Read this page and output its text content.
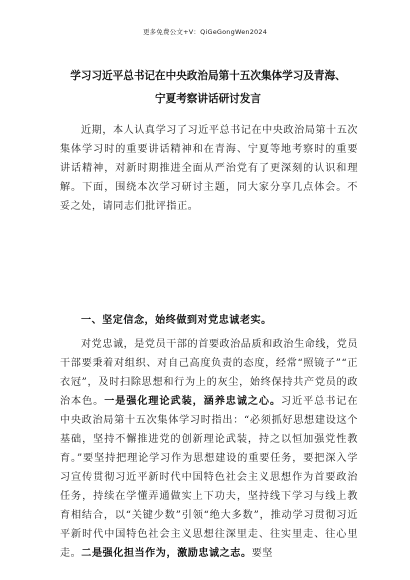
更多免费公文+V：QiGeGongWen2024
学习习近平总书记在中央政治局第十五次集体学习及青海、
宁夏考察讲话研讨发言
近期，本人认真学习了习近平总书记在中央政治局第十五次集体学习时的重要讲话精神和在青海、宁夏等地考察时的重要讲话精神，对新时期推进全面从严治党有了更深刻的认识和理解。下面，围绕本次学习研讨主题，同大家分享几点体会。不妥之处，请同志们批评指正。
一、坚定信念，始终做到对党忠诚老实。
对党忠诚，是党员干部的首要政治品质和政治生命线，党员干部要秉着对组织、对自己高度负责的态度，经常“照镜子”“正衣冠”，及时扫除思想和行为上的灰尘，始终保持共产党员的政治本色。一是强化理论武装，涵养忠诚之心。习近平总书记在中央政治局第十五次集体学习时指出：“必须抓好思想建设这个基础，坚持不懈推进党的创新理论武装，持之以恒加强党性教育。”要坚持把理论学习作为思想建设的重要任务，要把深入学习宣传贯彻习近平新时代中国特色社会主义思想作为首要政治任务，持续在学懂弄通做实上下功夫，坚持线下学习与线上教育相结合，以“关键少数”引领“绝大多数”，推动学习贯彻习近平新时代中国特色社会主义思想往深里走、往实里走、往心里走。二是强化担当作为，激励忠诚之志。要坚
